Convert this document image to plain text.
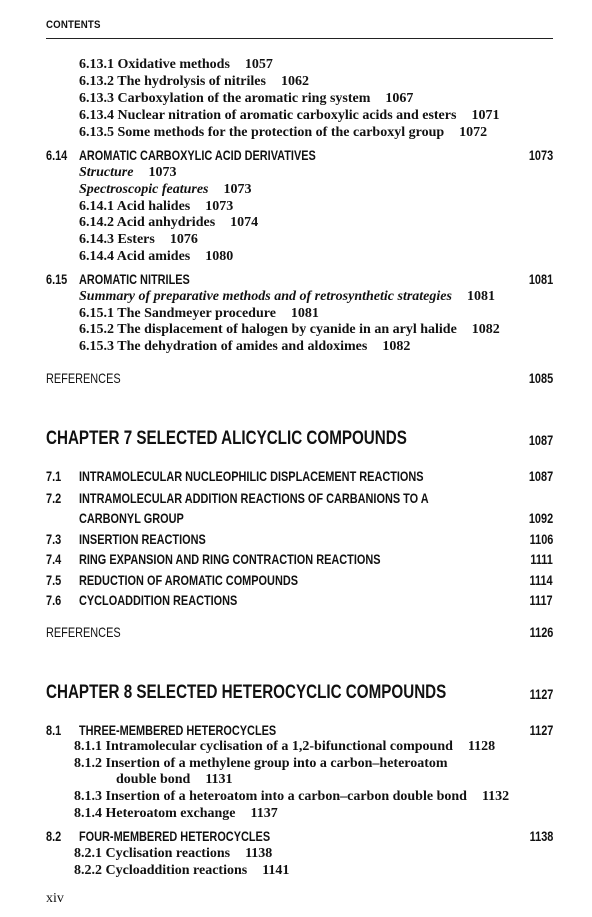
CONTENTS
6.13.1 Oxidative methods 1057
6.13.2 The hydrolysis of nitriles 1062
6.13.3 Carboxylation of the aromatic ring system 1067
6.13.4 Nuclear nitration of aromatic carboxylic acids and esters 1071
6.13.5 Some methods for the protection of the carboxyl group 1072
6.14 AROMATIC CARBOXYLIC ACID DERIVATIVES	1073
Structure 1073
Spectroscopic features 1073
6.14.1 Acid halides 1073
6.14.2 Acid anhydrides 1074
6.14.3 Esters 1076
6.14.4 Acid amides 1080
6.15 AROMATIC NITRILES	1081
Summary of preparative methods and of retrosynthetic strategies 1081
6.15.1 The Sandmeyer procedure 1081
6.15.2 The displacement of halogen by cyanide in an aryl halide 1082
6.15.3 The dehydration of amides and aldoximes 1082
REFERENCES	1085
CHAPTER 7 SELECTED ALICYCLIC COMPOUNDS	1087
7.1 INTRAMOLECULAR NUCLEOPHILIC DISPLACEMENT REACTIONS	1087
7.2 INTRAMOLECULAR ADDITION REACTIONS OF CARBANIONS TO A
CARBONYL GROUP	1092
7.3 INSERTION REACTIONS	1106
7.4 RING EXPANSION AND RING CONTRACTION REACTIONS	1111
7.5 REDUCTION OF AROMATIC COMPOUNDS	1114
7.6 CYCLOADDITION REACTIONS	1117
REFERENCES	1126
CHAPTER 8 SELECTED HETEROCYCLIC COMPOUNDS	1127
8.1 THREE-MEMBERED HETEROCYCLES	1127
8.1.1 Intramolecular cyclisation of a 1,2-bifunctional compound 1128
8.1.2 Insertion of a methylene group into a carbon–heteroatom
double bond 1131
8.1.3 Insertion of a heteroatom into a carbon–carbon double bond 1132
8.1.4 Heteroatom exchange 1137
8.2 FOUR-MEMBERED HETEROCYCLES	1138
8.2.1 Cyclisation reactions 1138
8.2.2 Cycloaddition reactions 1141
xiv
